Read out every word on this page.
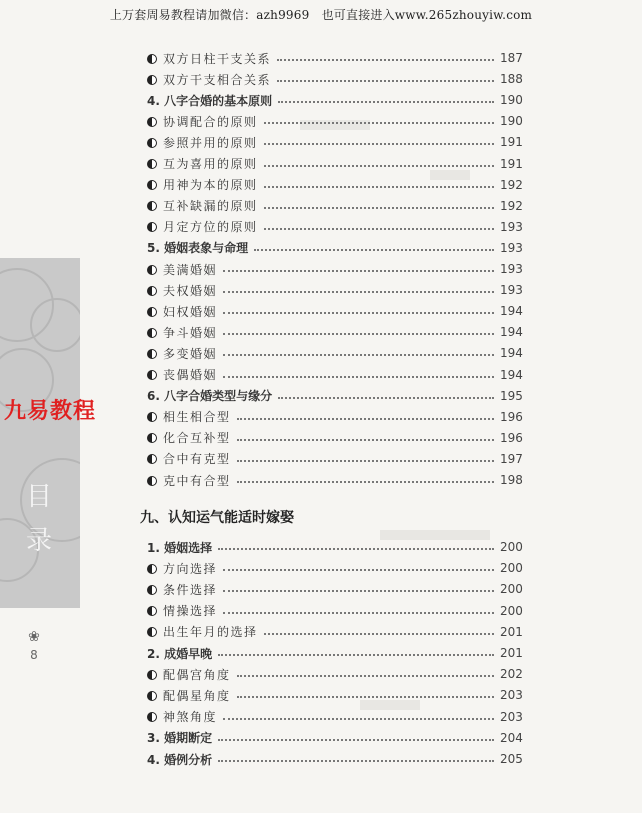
上万套周易教程请加微信：azh9969　也可直接进入www.265zhouyiw.com
目
录
九易教程
❀
8
九、认知运气能适时嫁娶
双方日柱干支关系	187
双方干支相合关系	188
4. 八字合婚的基本原则	190
协调配合的原则	190
参照并用的原则	191
互为喜用的原则	191
用神为本的原则	192
互补缺漏的原则	192
月定方位的原则	193
5. 婚姻表象与命理	193
美满婚姻	193
夫权婚姻	193
妇权婚姻	194
争斗婚姻	194
多变婚姻	194
丧偶婚姻	194
6. 八字合婚类型与缘分	195
相生相合型	196
化合互补型	196
合中有克型	197
克中有合型	198
1. 婚姻选择	200
方向选择	200
条件选择	200
情操选择	200
出生年月的选择	201
2. 成婚早晚	201
配偶宫角度	202
配偶星角度	203
神煞角度	203
3. 婚期断定	204
4. 婚例分析	205
